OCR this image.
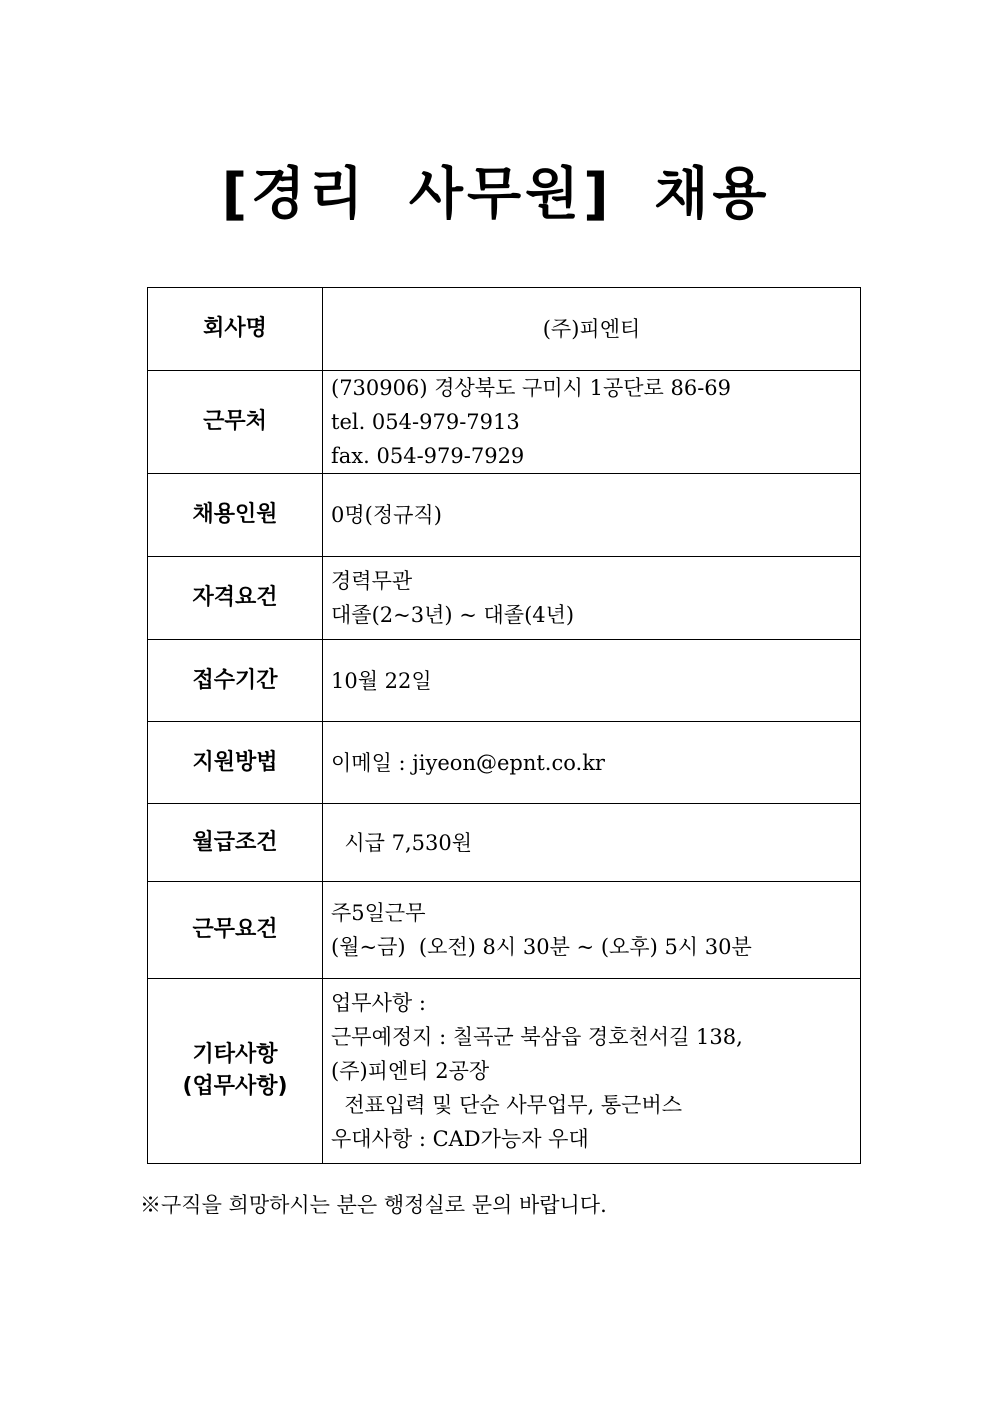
[경리 사무원] 채용
회사명	(주)피엔티

근무처	(730906) 경상북도 구미시 1공단로 86-69
tel. 054-979-7913
fax. 054-979-7929

채용인원	0명(정규직)

자격요건	경력무관
대졸(2~3년) ~ 대졸(4년)

접수기간	10월 22일

지원방법	이메일 : jiyeon@epnt.co.kr

월급조건	시급 7,530원

근무요건	주5일근무
(월~금)  (오전) 8시 30분 ~ (오후) 5시 30분

기타사항
(업무사항)	업무사항 :
근무예정지 : 칠곡군 북삼읍 경호천서길 138,
(주)피엔티 2공장
전표입력 및 단순 사무업무, 통근버스
우대사항 : CAD가능자 우대
※구직을 희망하시는 분은 행정실로 문의 바랍니다.
